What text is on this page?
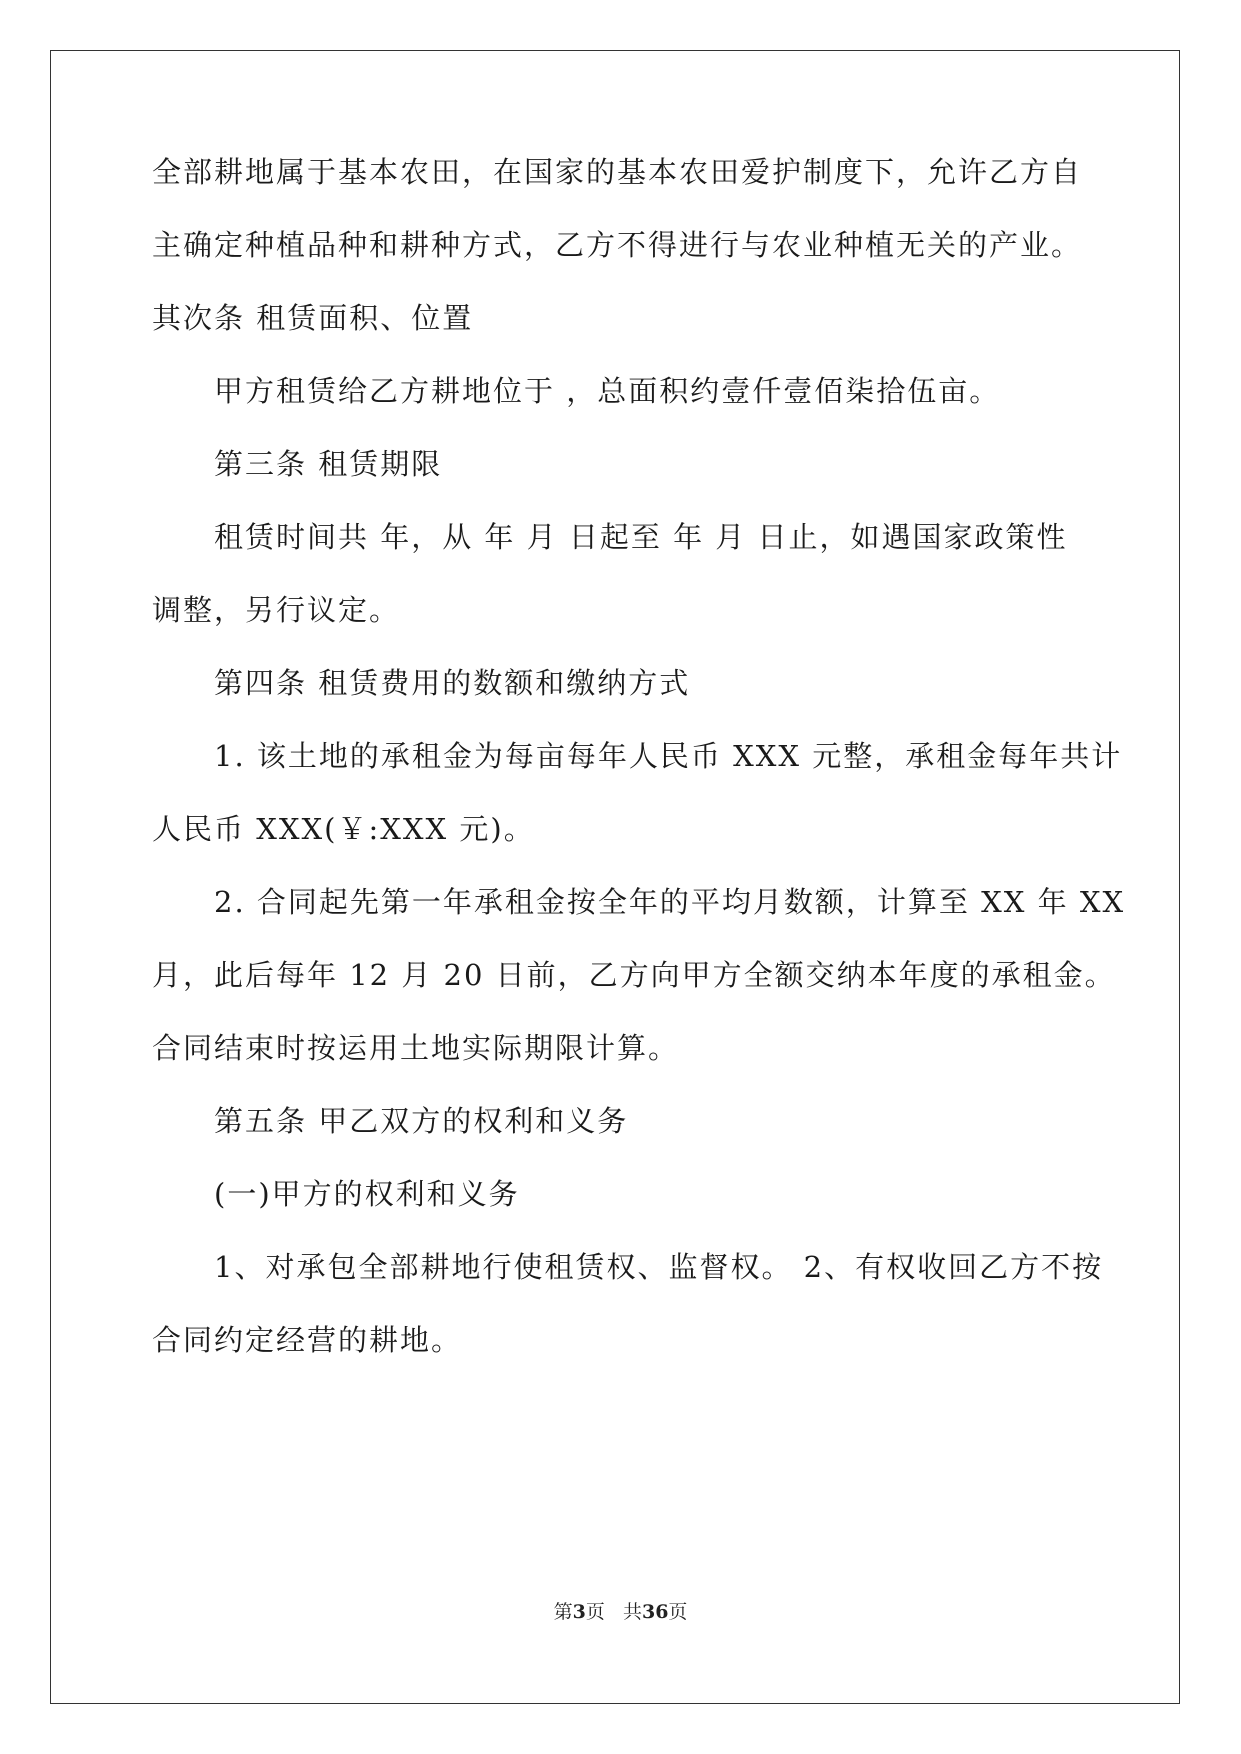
全部耕地属于基本农田，在国家的基本农田爱护制度下，允许乙方自
主确定种植品种和耕种方式，乙方不得进行与农业种植无关的产业。
其次条 租赁面积、位置
甲方租赁给乙方耕地位于 ，总面积约壹仟壹佰柒拾伍亩。
第三条 租赁期限
租赁时间共 年，从 年 月 日起至 年 月 日止，如遇国家政策性
调整，另行议定。
第四条 租赁费用的数额和缴纳方式
1. 该土地的承租金为每亩每年人民币 XXX 元整，承租金每年共计
人民币 XXX(￥:XXX 元)。
2. 合同起先第一年承租金按全年的平均月数额，计算至 XX 年 XX
月，此后每年 12 月 20 日前，乙方向甲方全额交纳本年度的承租金。
合同结束时按运用土地实际期限计算。
第五条 甲乙双方的权利和义务
(一)甲方的权利和义务
1、对承包全部耕地行使租赁权、监督权。 2、有权收回乙方不按
合同约定经营的耕地。
第3页 共36页
